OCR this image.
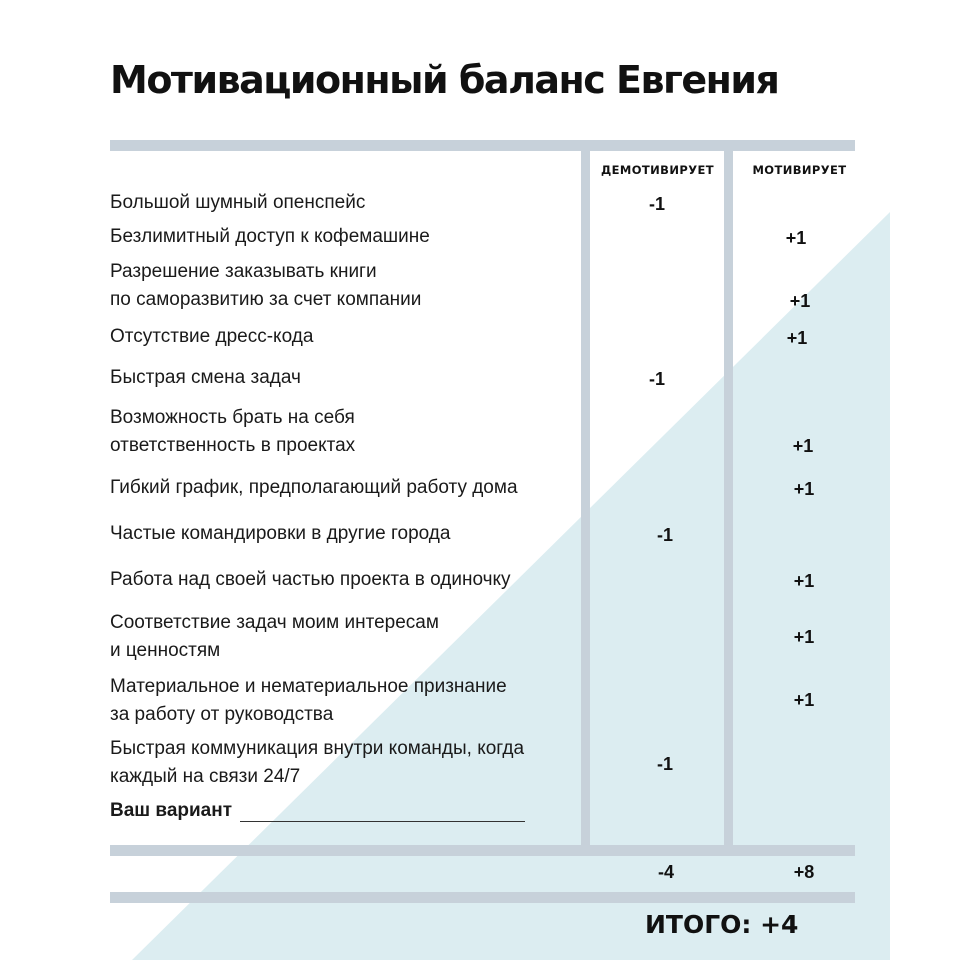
Мотивационный баланс Евгения
ДЕМОТИВИРУЕТ	МОТИВИРУЕТ
Большой шумный опенспейс
Безлимитный доступ к кофемашине
Разрешение заказывать книги
по саморазвитию за счет компании
Отсутствие дресс-кода
Быстрая смена задач
Возможность брать на себя
ответственность в проектах
Гибкий график, предполагающий работу дома
Частые командировки в другие города
Работа над своей частью проекта в одиночку
Соответствие задач моим интересам
и ценностям
Материальное и нематериальное признание
за работу от руководства
Быстрая коммуникация внутри команды, когда
каждый на связи 24/7
-1
-1
-1
-1
+1
+1
+1
+1
+1
+1
+1
+1
Ваш вариант
-4	+8
ИТОГО: +4
